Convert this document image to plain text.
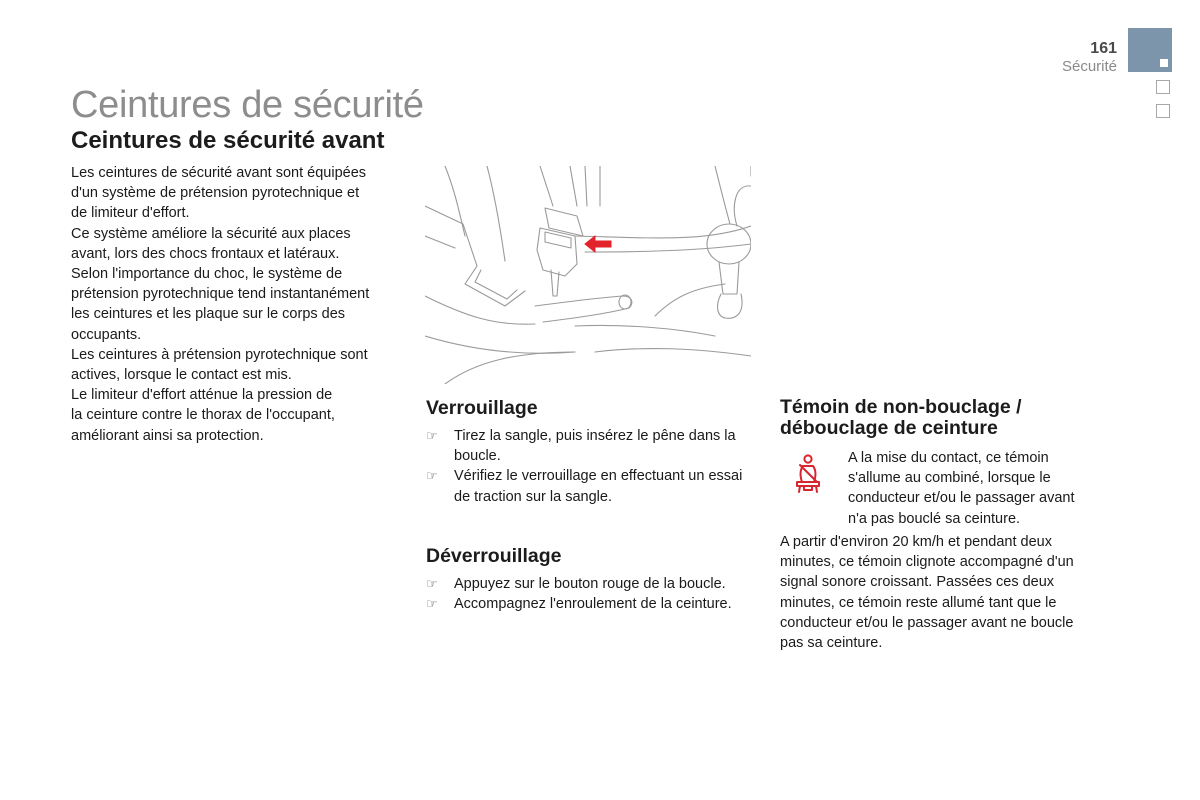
161
Sécurité
Ceintures de sécurité
Ceintures de sécurité avant

Les ceintures de sécurité avant sont équipées
d'un système de prétension pyrotechnique et
de limiteur d'effort.
Ce système améliore la sécurité aux places
avant, lors des chocs frontaux et latéraux.
Selon l'importance du choc, le système de
prétension pyrotechnique tend instantanément
les ceintures et les plaque sur le corps des
occupants.
Les ceintures à prétension pyrotechnique sont
actives, lorsque le contact est mis.
Le limiteur d'effort atténue la pression de
la ceinture contre le thorax de l'occupant,
améliorant ainsi sa protection.

Verrouillage
☞ Tirez la sangle, puis insérez le pêne dans la boucle.
☞ Vérifiez le verrouillage en effectuant un essai de traction sur la sangle.
Déverrouillage
☞ Appuyez sur le bouton rouge de la boucle.
☞ Accompagnez l'enroulement de la ceinture.
Témoin de non-bouclage / débouclage de ceinture

A la mise du contact, ce témoin
s'allume au combiné, lorsque le
conducteur et/ou le passager avant
n'a pas bouclé sa ceinture.

A partir d'environ 20 km/h et pendant deux
minutes, ce témoin clignote accompagné d'un
signal sonore croissant. Passées ces deux
minutes, ce témoin reste allumé tant que le
conducteur et/ou le passager avant ne boucle
pas sa ceinture.
